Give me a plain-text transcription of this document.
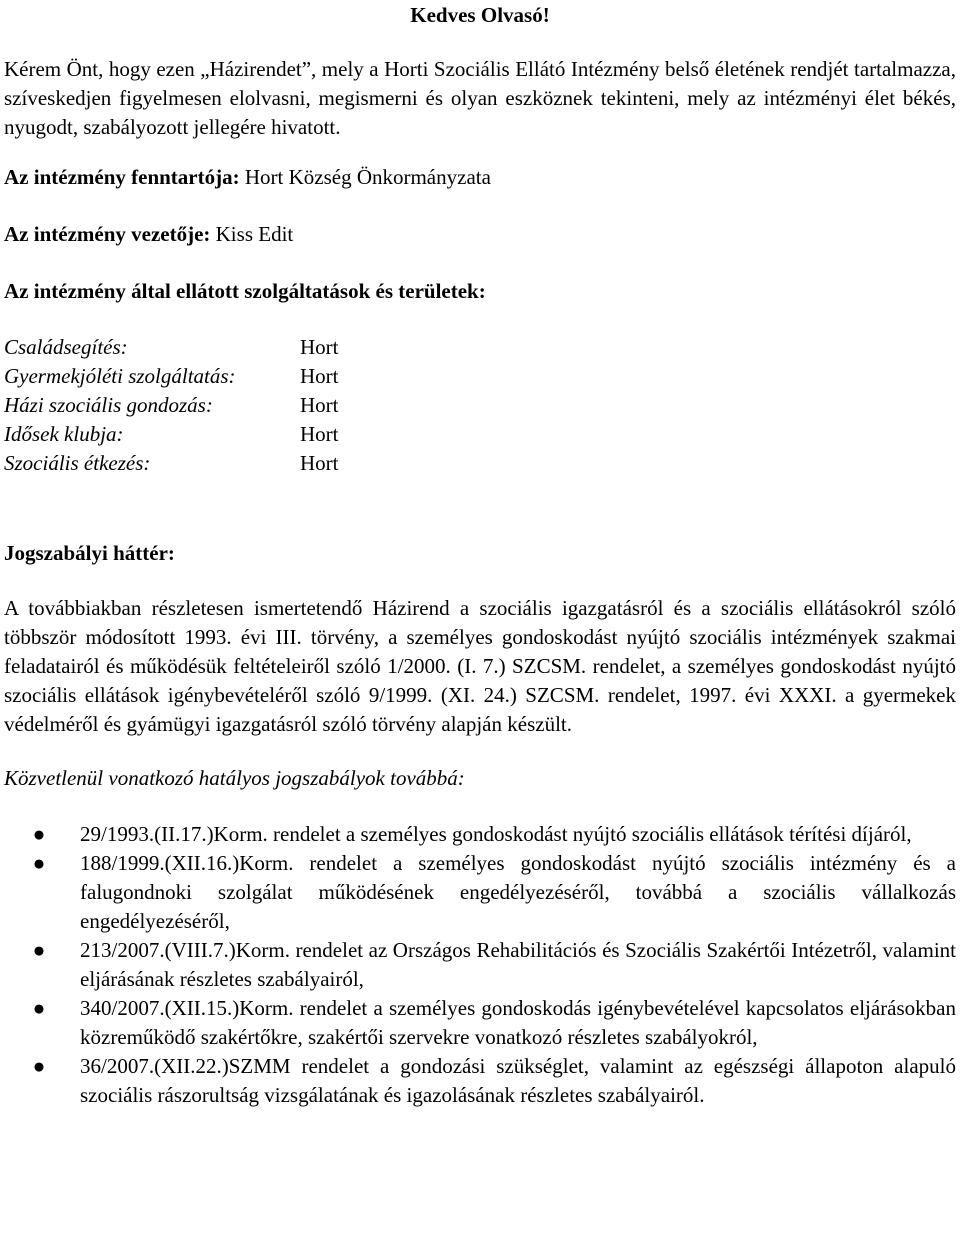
Kedves Olvasó!

Kérem Önt, hogy ezen „Házirendet”, mely a Horti Szociális Ellátó Intézmény belső életének rendjét tartalmazza, szíveskedjen figyelmesen elolvasni, megismerni és olyan eszköznek tekinteni, mely az intézményi élet békés, nyugodt, szabályozott jellegére hivatott.

Az intézmény fenntartója: Hort Község Önkormányzata

Az intézmény vezetője: Kiss Edit

Az intézmény által ellátott szolgáltatások és területek:

Családsegítés:	Hort
Gyermekjóléti szolgáltatás:	Hort
Házi szociális gondozás:	Hort
Idősek klubja:	Hort
Szociális étkezés:	Hort

Jogszabályi háttér:

A továbbiakban részletesen ismertetendő Házirend a szociális igazgatásról és a szociális ellátásokról szóló többször módosított 1993. évi III. törvény, a személyes gondoskodást nyújtó szociális intézmények szakmai feladatairól és működésük feltételeiről szóló 1/2000. (I. 7.) SZCSM. rendelet, a személyes gondoskodást nyújtó szociális ellátások igénybevételéről szóló 9/1999. (XI. 24.) SZCSM. rendelet, 1997. évi XXXI. a gyermekek védelméről és gyámügyi igazgatásról szóló törvény alapján készült.

Közvetlenül vonatkozó hatályos jogszabályok továbbá:

● 29/1993.(II.17.)Korm. rendelet a személyes gondoskodást nyújtó szociális ellátások térítési díjáról,
● 188/1999.(XII.16.)Korm. rendelet a személyes gondoskodást nyújtó szociális intézmény és a falugondnoki szolgálat működésének engedélyezéséről, továbbá a szociális vállalkozás engedélyezéséről,
● 213/2007.(VIII.7.)Korm. rendelet az Országos Rehabilitációs és Szociális Szakértői Intézetről, valamint eljárásának részletes szabályairól,
● 340/2007.(XII.15.)Korm. rendelet a személyes gondoskodás igénybevételével kapcsolatos eljárásokban közreműködő szakértőkre, szakértői szervekre vonatkozó részletes szabályokról,
● 36/2007.(XII.22.)SZMM rendelet a gondozási szükséglet, valamint az egészségi állapoton alapuló szociális rászorultság vizsgálatának és igazolásának részletes szabályairól.
